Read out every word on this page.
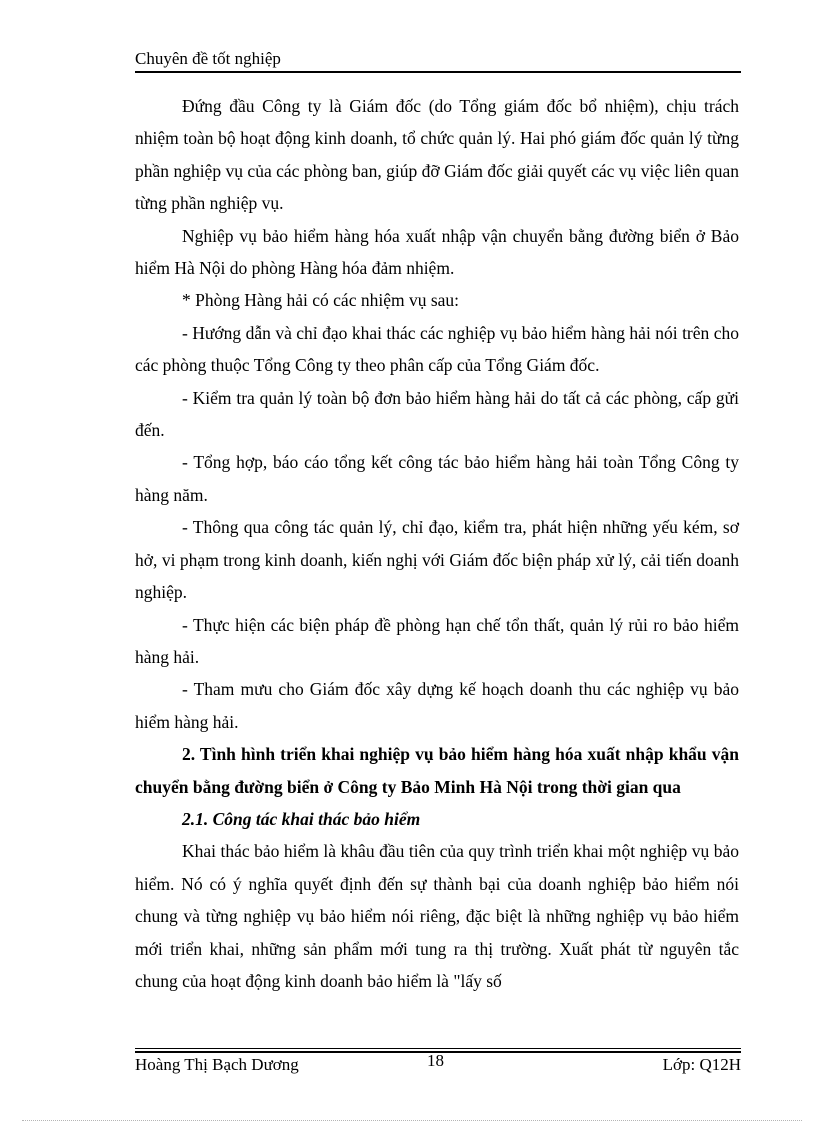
Chuyên đề tốt nghiệp

Đứng đầu Công ty là Giám đốc (do Tổng giám đốc bổ nhiệm), chịu trách nhiệm toàn bộ hoạt động kinh doanh, tổ chức quản lý. Hai phó giám đốc quản lý từng phần nghiệp vụ của các phòng ban, giúp đỡ Giám đốc giải quyết các vụ việc liên quan từng phần nghiệp vụ.

Nghiệp vụ bảo hiểm hàng hóa xuất nhập vận chuyển bằng đường biển ở Bảo hiểm Hà Nội do phòng Hàng hóa đảm nhiệm.

* Phòng Hàng hải có các nhiệm vụ sau:

- Hướng dẫn và chỉ đạo khai thác các nghiệp vụ bảo hiểm hàng hải nói trên cho các phòng thuộc Tổng Công ty theo phân cấp của Tổng Giám đốc.

- Kiểm tra quản lý toàn bộ đơn bảo hiểm hàng hải do tất cả các phòng, cấp gửi đến.

- Tổng hợp, báo cáo tổng kết công tác bảo hiểm hàng hải toàn Tổng Công ty hàng năm.

- Thông qua công tác quản lý, chỉ đạo, kiểm tra, phát hiện những yếu kém, sơ hở, vi phạm trong kinh doanh, kiến nghị với Giám đốc biện pháp xử lý, cải tiến doanh nghiệp.

- Thực hiện các biện pháp đề phòng hạn chế tổn thất, quản lý rủi ro bảo hiểm hàng hải.

- Tham mưu cho Giám đốc xây dựng kế hoạch doanh thu các nghiệp vụ bảo hiểm hàng hải.

2. Tình hình triển khai nghiệp vụ bảo hiểm hàng hóa xuất nhập khẩu vận chuyển bằng đường biển ở Công ty Bảo Minh Hà Nội trong thời gian qua

2.1. Công tác khai thác bảo hiểm

Khai thác bảo hiểm là khâu đầu tiên của quy trình triển khai một nghiệp vụ bảo hiểm. Nó có ý nghĩa quyết định đến sự thành bại của doanh nghiệp bảo hiểm nói chung và từng nghiệp vụ bảo hiểm nói riêng, đặc biệt là những nghiệp vụ bảo hiểm mới triển khai, những sản phẩm mới tung ra thị trường. Xuất phát từ nguyên tắc chung của hoạt động kinh doanh bảo hiểm là "lấy số

Hoàng Thị Bạch Dương	18	Lớp: Q12H
